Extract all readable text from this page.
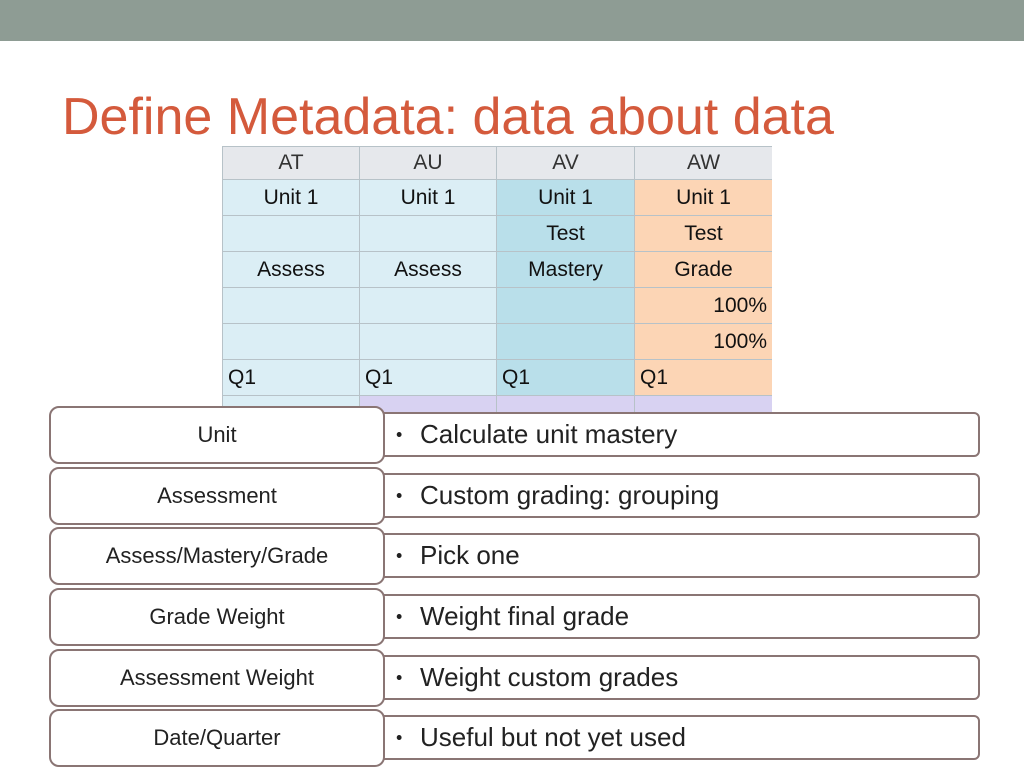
Define Metadata: data about data
AT	AU	AV	AW
Unit 1	Unit 1	Unit 1	Unit 1
		Test	Test
Assess	Assess	Mastery	Grade
			100%
			100%
Q1	Q1	Q1	Q1

• Calculate unit mastery
Unit
• Custom grading: grouping
Assessment
• Pick one
Assess/Mastery/Grade
• Weight final grade
Grade Weight
• Weight custom grades
Assessment Weight
• Useful but not yet used
Date/Quarter
